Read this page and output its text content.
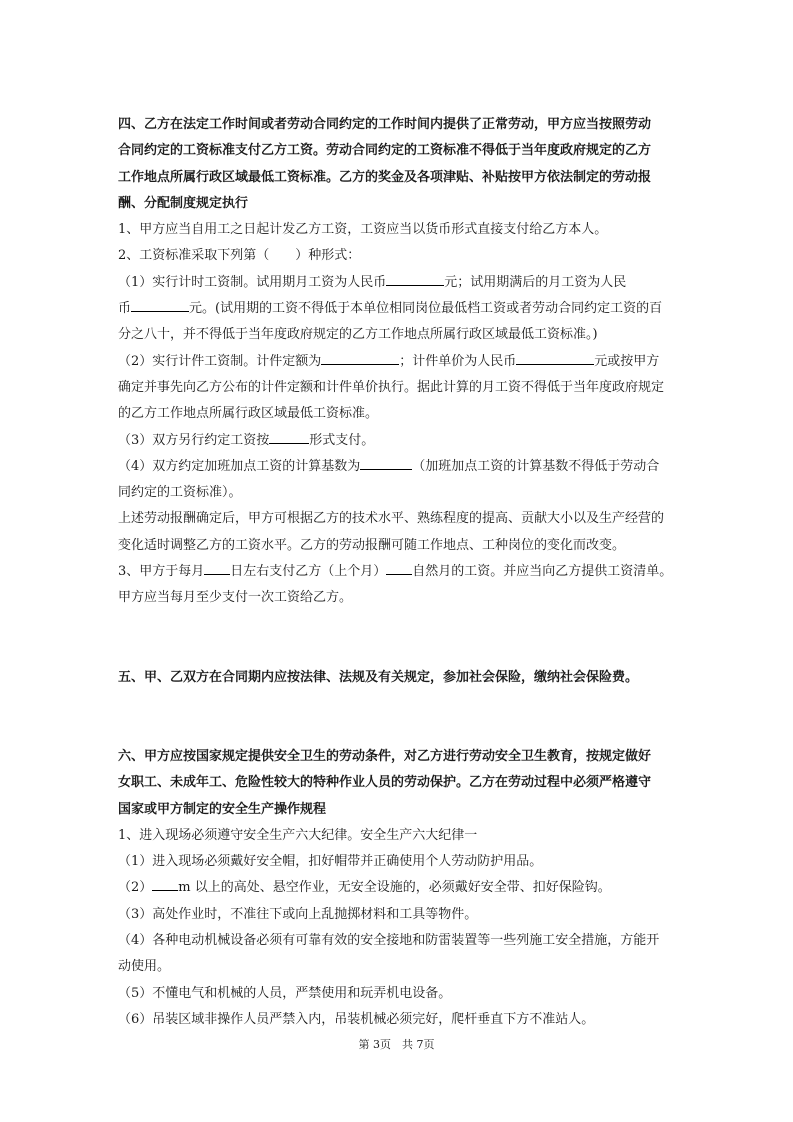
四、乙方在法定工作时间或者劳动合同约定的工作时间内提供了正常劳动，甲方应当按照劳动
合同约定的工资标准支付乙方工资。劳动合同约定的工资标准不得低于当年度政府规定的乙方
工作地点所属行政区域最低工资标准。乙方的奖金及各项津贴、补贴按甲方依法制定的劳动报
酬、分配制度规定执行
1、甲方应当自用工之日起计发乙方工资，工资应当以货币形式直接支付给乙方本人。
2、工资标准采取下列第（　　）种形式：
（1）实行计时工资制。试用期月工资为人民币	元；试用期满后的月工资为人民
币	元。(试用期的工资不得低于本单位相同岗位最低档工资或者劳动合同约定工资的百
分之八十，并不得低于当年度政府规定的乙方工作地点所属行政区域最低工资标准。)
（2）实行计件工资制。计件定额为	；计件单价为人民币	元或按甲方
确定并事先向乙方公布的计件定额和计件单价执行。据此计算的月工资不得低于当年度政府规定
的乙方工作地点所属行政区域最低工资标准。
（3）双方另行约定工资按	形式支付。
（4）双方约定加班加点工资的计算基数为	（加班加点工资的计算基数不得低于劳动合
同约定的工资标准）。
上述劳动报酬确定后，甲方可根据乙方的技术水平、熟练程度的提高、贡献大小以及生产经营的
变化适时调整乙方的工资水平。乙方的劳动报酬可随工作地点、工种岗位的变化而改变。
3、甲方于每月 日左右支付乙方（上个月） 自然月的工资。并应当向乙方提供工资清单。
甲方应当每月至少支付一次工资给乙方。
五、甲、乙双方在合同期内应按法律、法规及有关规定，参加社会保险，缴纳社会保险费。
六、甲方应按国家规定提供安全卫生的劳动条件，对乙方进行劳动安全卫生教育，按规定做好
女职工、未成年工、危险性较大的特种作业人员的劳动保护。乙方在劳动过程中必须严格遵守
国家或甲方制定的安全生产操作规程
1、进入现场必须遵守安全生产六大纪律。安全生产六大纪律一
（1）进入现场必须戴好安全帽，扣好帽带并正确使用个人劳动防护用品。
（2） m 以上的高处、悬空作业，无安全设施的，必须戴好安全带、扣好保险钩。
（3）高处作业时，不准往下或向上乱抛掷材料和工具等物件。
（4）各种电动机械设备必须有可靠有效的安全接地和防雷装置等一些列施工安全措施，方能开
动使用。
（5）不懂电气和机械的人员，严禁使用和玩弄机电设备。
（6）吊装区域非操作人员严禁入内，吊装机械必须完好，爬杆垂直下方不准站人。
第 3页　共 7页
